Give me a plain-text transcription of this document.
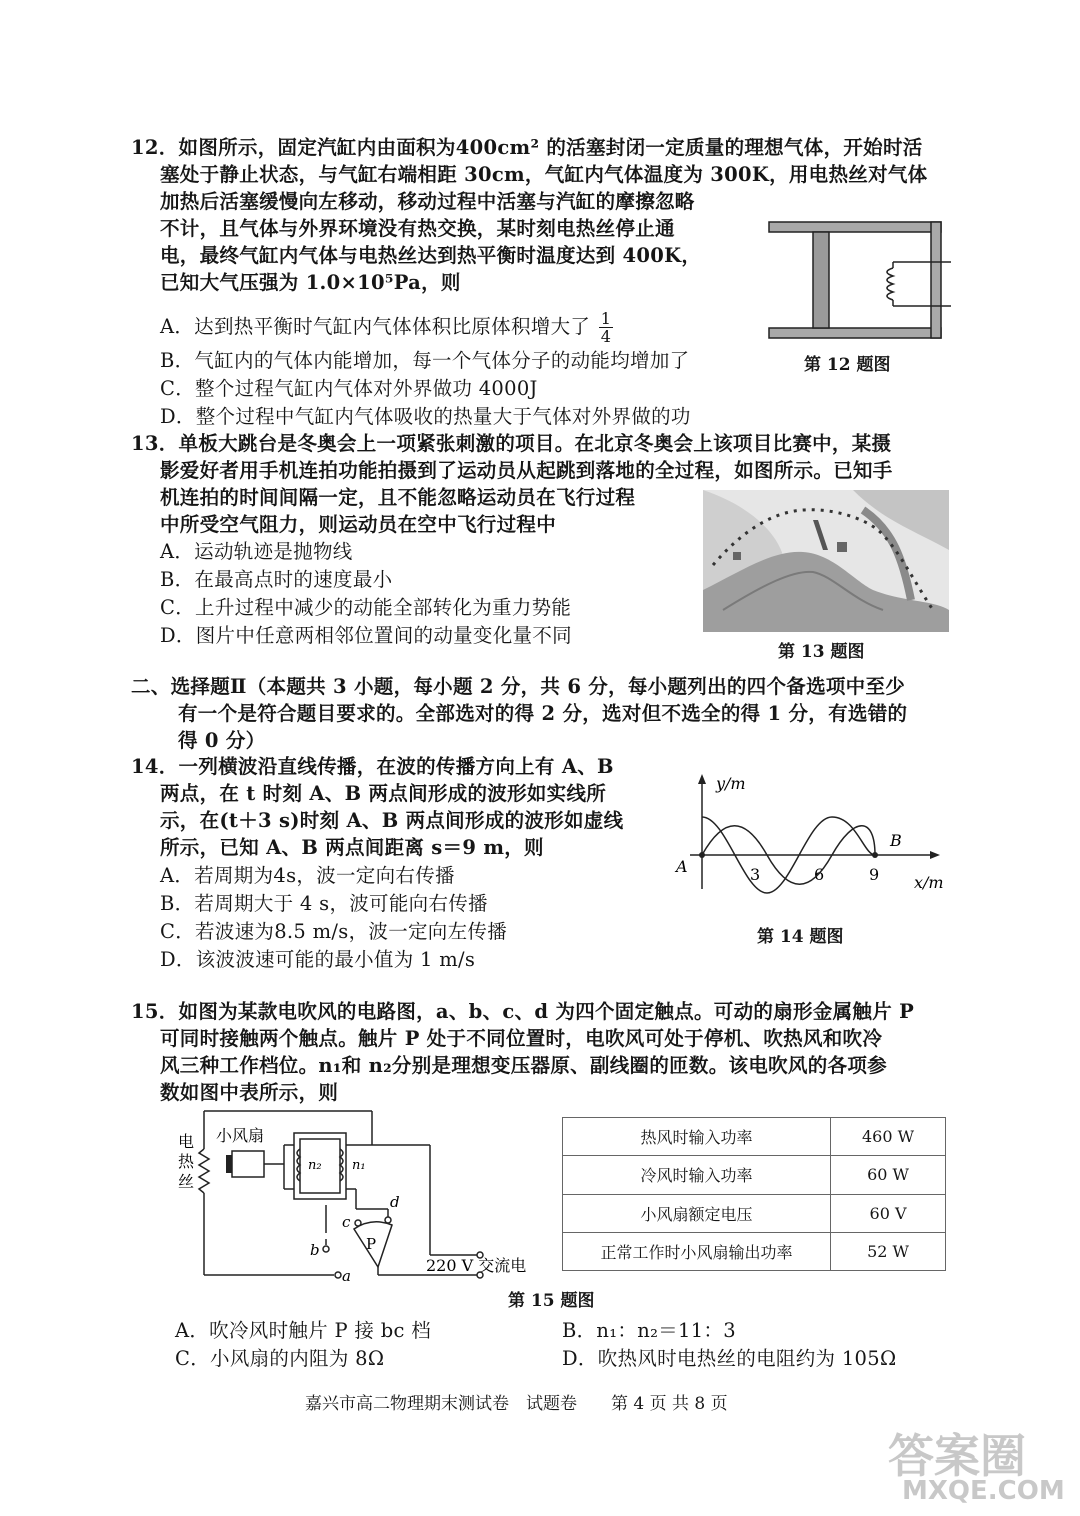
12．如图所示，固定汽缸内由面积为400cm² 的活塞封闭一定质量的理想气体，开始时活
塞处于静止状态，与气缸右端相距 30cm，气缸内气体温度为 300K，用电热丝对气体
加热后活塞缓慢向左移动，移动过程中活塞与汽缸的摩擦忽略
不计，且气体与外界环境没有热交换，某时刻电热丝停止通
电，最终气缸内气体与电热丝达到热平衡时温度达到 400K，
已知大气压强为 1.0×10⁵Pa，则
A．达到热平衡时气缸内气体体积比原体积增大了 $\frac{1}{4}$
B．气缸内的气体内能增加，每一个气体分子的动能均增加了
C．整个过程气缸内气体对外界做功 4000J
D．整个过程中气缸内气体吸收的热量大于气体对外界做的功
第 12 题图
13．单板大跳台是冬奥会上一项紧张刺激的项目。在北京冬奥会上该项目比赛中，某摄
影爱好者用手机连拍功能拍摄到了运动员从起跳到落地的全过程，如图所示。已知手
机连拍的时间间隔一定，且不能忽略运动员在飞行过程
中所受空气阻力，则运动员在空中飞行过程中
A．运动轨迹是抛物线
B．在最高点时的速度最小
C．上升过程中减少的动能全部转化为重力势能
D．图片中任意两相邻位置间的动量变化量不同
第 13 题图
二、选择题Ⅱ（本题共 3 小题，每小题 2 分，共 6 分，每小题列出的四个备选项中至少
有一个是符合题目要求的。全部选对的得 2 分，选对但不选全的得 1 分，有选错的
得 0 分）
14．一列横波沿直线传播，在波的传播方向上有 A、B
两点，在 t 时刻 A、B 两点间形成的波形如实线所
示，在(t＋3 s)时刻 A、B 两点间形成的波形如虚线
所示，已知 A、B 两点间距离 s＝9 m，则
A．若周期为4s，波一定向右传播
B．若周期大于 4 s，波可能向右传播
C．若波速为8.5 m/s，波一定向左传播
D．该波波速可能的最小值为 1 m/s
y/m
x/m
A
B
3	6	9
第 14 题图
15．如图为某款电吹风的电路图，a、b、c、d 为四个固定触点。可动的扇形金属触片 P
可同时接触两个触点。触片 P 处于不同位置时，电吹风可处于停机、吹热风和吹冷
风三种工作档位。n₁和 n₂分别是理想变压器原、副线圈的匝数。该电吹风的各项参
数如图中表所示，则
电
热
丝
小风扇
n₂ n₁
d
b
c
P
a
220 V 交流电
热风时输入功率	460 W
冷风时输入功率	60 W
小风扇额定电压	60 V
正常工作时小风扇输出功率	52 W
第 15 题图
A．吹冷风时触片 P 接 bc 档	B．n₁：n₂＝11：3
C．小风扇的内阻为 8Ω	D．吹热风时电热丝的电阻约为 105Ω
嘉兴市高二物理期末测试卷　试题卷　　第 4 页 共 8 页
答案圈
MXQE.COM
